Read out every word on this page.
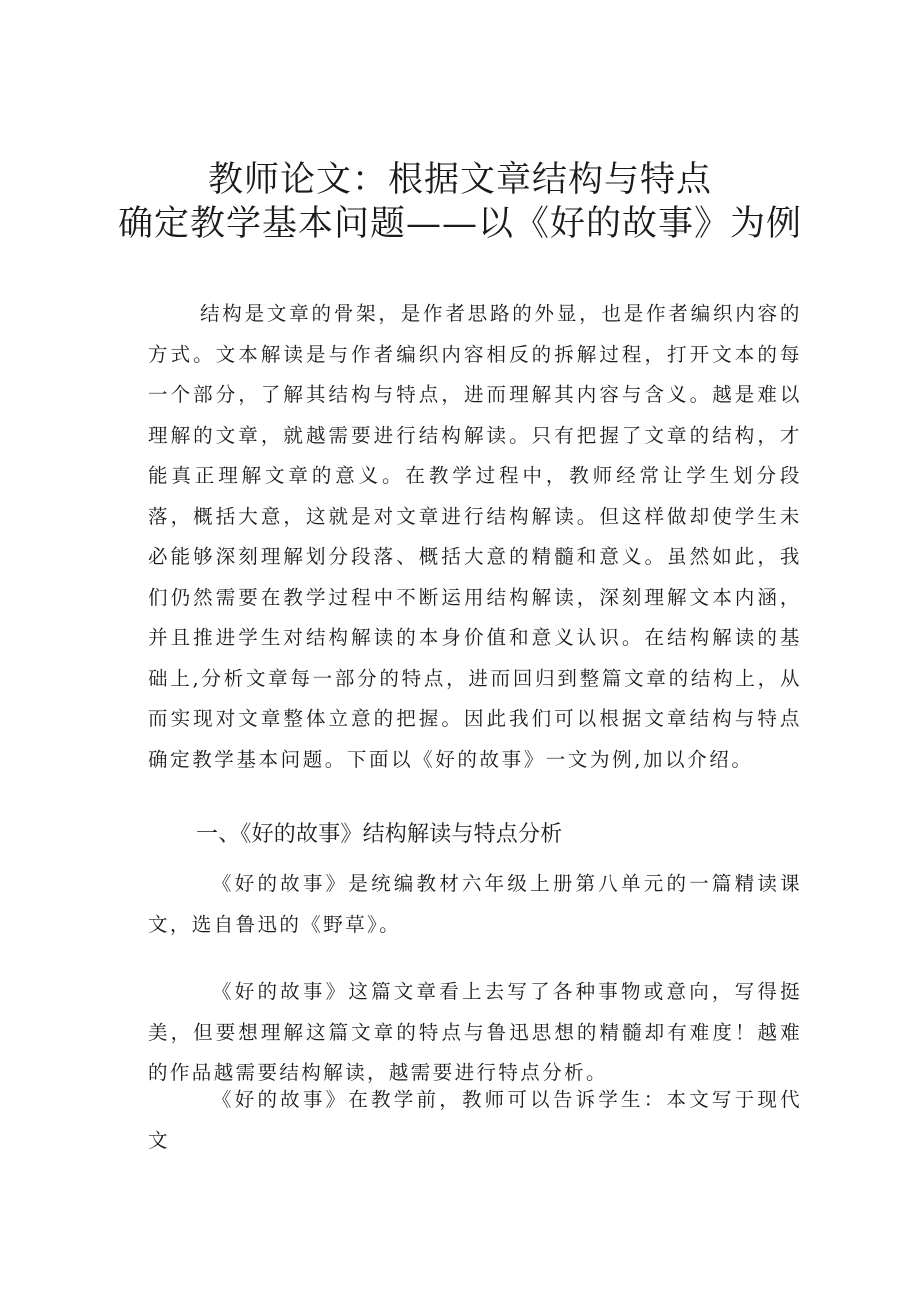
教师论文：根据文章结构与特点
确定教学基本问题——以《好的故事》为例

结构是文章的骨架，是作者思路的外显，也是作者编织内容的方式。文本解读是与作者编织内容相反的拆解过程，打开文本的每一个部分，了解其结构与特点，进而理解其内容与含义。越是难以理解的文章，就越需要进行结构解读。只有把握了文章的结构，才能真正理解文章的意义。在教学过程中，教师经常让学生划分段落，概括大意，这就是对文章进行结构解读。但这样做却使学生未必能够深刻理解划分段落、概括大意的精髓和意义。虽然如此，我们仍然需要在教学过程中不断运用结构解读，深刻理解文本内涵，并且推进学生对结构解读的本身价值和意义认识。在结构解读的基础上,分析文章每一部分的特点，进而回归到整篇文章的结构上，从而实现对文章整体立意的把握。因此我们可以根据文章结构与特点确定教学基本问题。下面以《好的故事》一文为例,加以介绍。

一、《好的故事》结构解读与特点分析

《好的故事》是统编教材六年级上册第八单元的一篇精读课文，选自鲁迅的《野草》。

《好的故事》这篇文章看上去写了各种事物或意向，写得挺美，但要想理解这篇文章的特点与鲁迅思想的精髓却有难度！越难的作品越需要结构解读，越需要进行特点分析。

《好的故事》在教学前，教师可以告诉学生：本文写于现代文
